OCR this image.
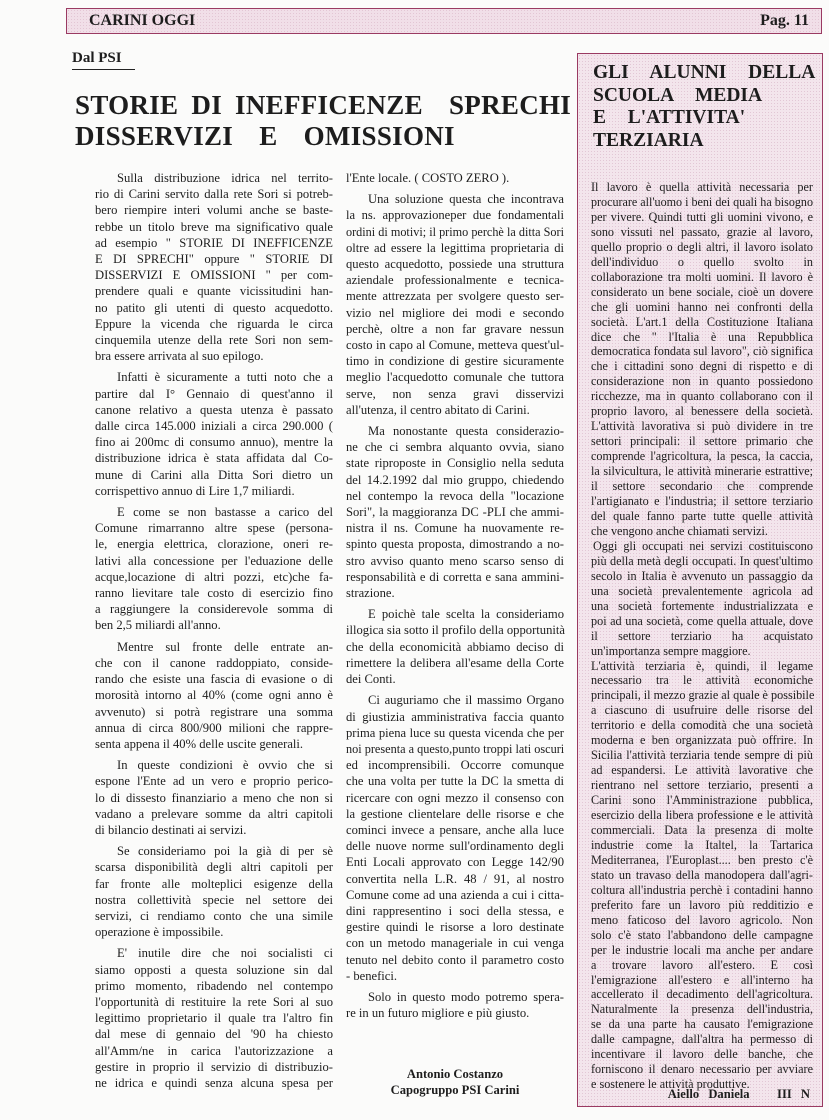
CARINI OGGI	Pag. 11
Dal PSI
STORIE DI INEFFICENZE  SPRECHI
DISSERVIZI  E  OMISSIONI
Sulla distribuzione idrica nel territo-
rio di Carini servito dalla rete Sori si potreb-
bero riempire interi volumi anche se baste-
rebbe un titolo breve ma significativo quale
ad esempio " STORIE DI INEFFICENZE
E DI SPRECHI" oppure " STORIE DI
DISSERVIZI E OMISSIONI " per com-
prendere quali e quante vicissitudini han-
no patito gli utenti di questo acquedotto.
Eppure la vicenda che riguarda le circa
cinquemila utenze della rete Sori non sem-
bra essere arrivata al suo epilogo.
Infatti è sicuramente a tutti noto che a
partire dal I° Gennaio di quest'anno il
canone relativo a questa utenza è passato
dalle circa 145.000 iniziali a circa 290.000 (
fino ai 200mc di consumo annuo), mentre la
distribuzione idrica è stata affidata dal Co-
mune di Carini alla Ditta Sori dietro un
corrispettivo annuo di Lire 1,7 miliardi.
E come se non bastasse a carico del
Comune rimarranno altre spese (persona-
le, energia elettrica, clorazione, oneri re-
lativi alla concessione per l'eduazione delle
acque,locazione di altri pozzi, etc)che fa-
ranno lievitare tale costo di esercizio fino
a raggiungere la considerevole somma di
ben 2,5 miliardi all'anno.
Mentre sul fronte delle entrate an-
che con il canone raddoppiato, conside-
rando che esiste una fascia di evasione o di
morosità intorno al 40% (come ogni anno è
avvenuto) si potrà registrare una somma
annua di circa 800/900 milioni che rappre-
senta appena il 40% delle uscite generali.
In queste condizioni è ovvio che si
espone l'Ente ad un vero e proprio perico-
lo di dissesto finanziario a meno che non si
vadano a prelevare somme da altri capitoli
di bilancio destinati ai servizi.
Se consideriamo poi la già di per sè
scarsa disponibilità degli altri capitoli per
far fronte alle molteplici esigenze della
nostra collettività specie nel settore dei
servizi, ci rendiamo conto che una simile
operazione è impossibile.
E' inutile dire che noi socialisti ci
siamo opposti a questa soluzione sin dal
primo momento, ribadendo nel contempo
l'opportunità di restituire la rete Sori al suo
legittimo proprietario il quale tra l'altro fin
dal mese di gennaio del '90 ha chiesto
all'Amm/ne in carica l'autorizzazione a
gestire in proprio il servizio di distribuzio-
ne idrica e quindi senza alcuna spesa per
l'Ente locale. ( COSTO ZERO ).
Una soluzione questa che incontrava
la ns. approvazioneper due fondamentali
ordini di motivi; il primo perchè la ditta Sori
oltre ad essere la legittima proprietaria di
questo acquedotto, possiede una struttura
aziendale professionalmente e tecnica-
mente attrezzata per svolgere questo ser-
vizio nel migliore dei modi e secondo
perchè, oltre a non far gravare nessun
costo in capo al Comune, metteva quest'ul-
timo in condizione di gestire sicuramente
meglio l'acquedotto comunale che tuttora
serve, non senza gravi disservizi
all'utenza, il centro abitato di Carini.
Ma nonostante questa considerazio-
ne che ci sembra alquanto ovvia, siano
state riproposte in Consiglio nella seduta
del 14.2.1992 dal mio gruppo, chiedendo
nel contempo la revoca della "locazione
Sori", la maggioranza DC -PLI che ammi-
nistra il ns. Comune ha nuovamente re-
spinto questa proposta, dimostrando a no-
stro avviso quanto meno scarso senso di
responsabilità e di corretta e sana ammini-
strazione.
E poichè tale scelta la consideriamo
illogica sia sotto il profilo della opportunità
che della economicità abbiamo deciso di
rimettere la delibera all'esame della Corte
dei Conti.
Ci auguriamo che il massimo Organo
di giustizia amministrativa faccia quanto
prima piena luce su questa vicenda che per
noi presenta a questo,punto troppi lati oscuri
ed incomprensibili. Occorre comunque
che una volta per tutte la DC la smetta di
ricercare con ogni mezzo il consenso con
la gestione clientelare delle risorse e che
cominci invece a pensare, anche alla luce
delle nuove norme sull'ordinamento degli
Enti Locali approvato con Legge 142/90
convertita nella L.R. 48 / 91, al nostro
Comune come ad una azienda a cui i citta-
dini rappresentino i soci della stessa, e
gestire quindi le risorse a loro destinate
con un metodo manageriale in cui venga
tenuto nel debito conto il parametro costo
- benefici.
Solo in questo modo potremo spera-
re in un futuro migliore e più giusto.
Antonio Costanzo
Capogruppo PSI Carini
GLI  ALUNNI  DELLA
SCUOLA  MEDIA
E  L'ATTIVITA'
TERZIARIA
Il lavoro è quella attività necessaria per
procurare all'uomo i beni dei quali ha bisogno
per vivere. Quindi tutti gli uomini vivono, e
sono vissuti nel passato, grazie al lavoro,
quello proprio o degli altri, il lavoro isolato
dell'individuo o quello svolto in
collaborazione tra molti uomini. Il lavoro è
considerato un bene sociale, cioè un dovere
che gli uomini hanno nei confronti della
società. L'art.1 della Costituzione Italiana
dice che " l'Italia è una Repubblica
democratica fondata sul lavoro", ciò significa
che i cittadini sono degni di rispetto e di
considerazione non in quanto possiedono
ricchezze, ma in quanto collaborano con il
proprio lavoro, al benessere della società.
L'attività lavorativa si può dividere in tre
settori principali: il settore primario che
comprende l'agricoltura, la pesca, la caccia,
la silvicultura, le attività minerarie estrattive;
il settore secondario che comprende
l'artigianato e l'industria; il settore terziario
del quale fanno parte tutte quelle attività
che vengono anche chiamati servizi.
Oggi gli occupati nei servizi costituiscono
più della metà degli occupati. In quest'ultimo
secolo in Italia è avvenuto un passaggio da
una società prevalentemente agricola ad
una società fortemente industrializzata e
poi ad una società, come quella attuale, dove
il settore terziario ha acquistato
un'importanza sempre maggiore.
L'attività terziaria è, quindi, il legame
necessario tra le attività economiche
principali, il mezzo grazie al quale è possibile
a ciascuno di usufruire delle risorse del
territorio e della comodità che una società
moderna e ben organizzata può offrire. In
Sicilia l'attività terziaria tende sempre di più
ad espandersi. Le attività lavorative che
rientrano nel settore terziario, presenti a
Carini sono l'Amministrazione pubblica,
esercizio della libera professione e le attività
commerciali. Data la presenza di molte
industrie come la Italtel, la Tartarica
Mediterranea, l'Europlast.... ben presto c'è
stato un travaso della manodopera dall'agri-
coltura all'industria perchè i contadini hanno
preferito fare un lavoro più redditizio e
meno faticoso del lavoro agricolo. Non
solo c'è stato l'abbandono delle campagne
per le industrie locali ma anche per andare
a trovare lavoro all'estero. E così
l'emigrazione all'estero e all'interno ha
accellerato il decadimento dell'agricoltura.
Naturalmente la presenza dell'industria,
se da una parte ha causato l'emigrazione
dalle campagne, dall'altra ha permesso di
incentivare il lavoro delle banche, che
forniscono il denaro necessario per avviare
e sostenere le attività produttive.
Aiello Daniela   III N
